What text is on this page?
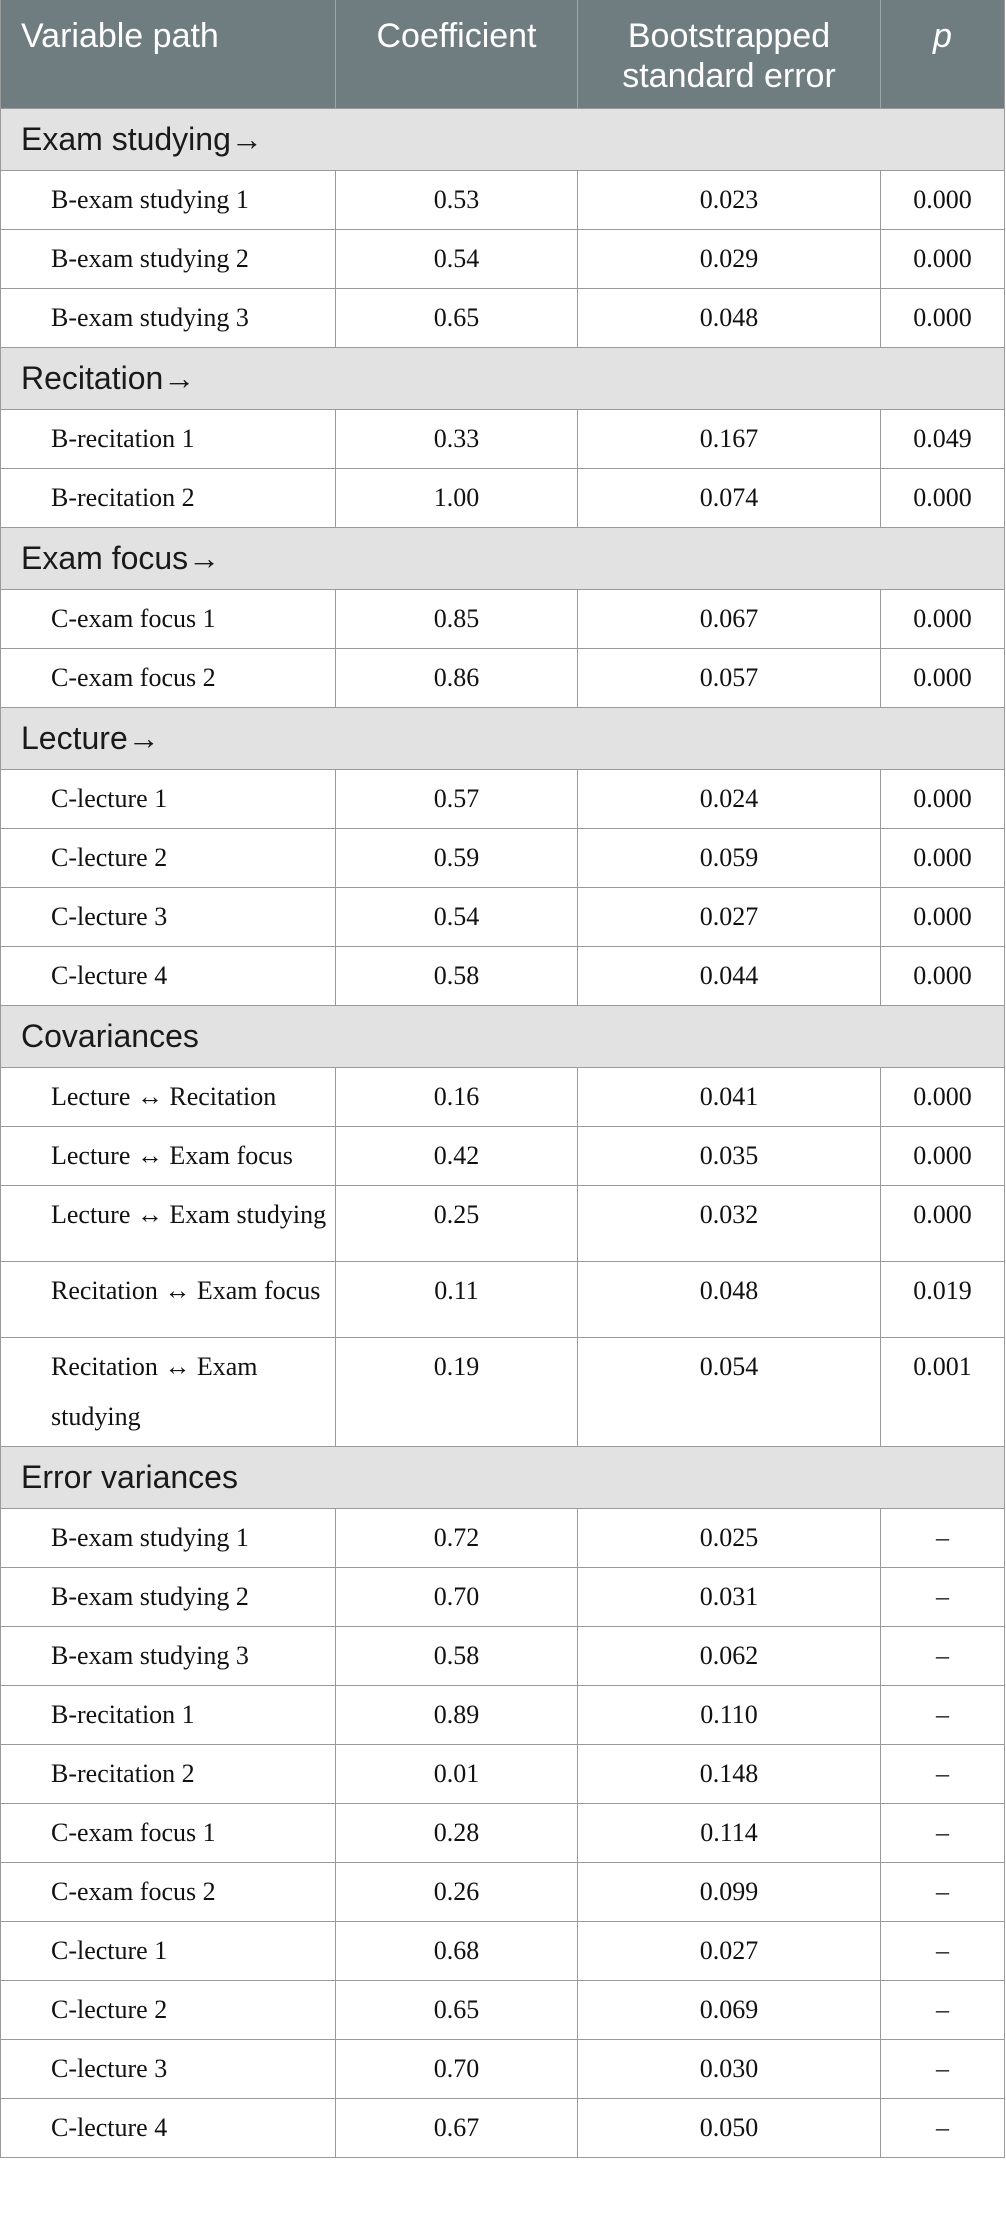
Variable path	Coefficient	Bootstrapped standard error	p
Exam studying→			
B-exam studying 1	0.53	0.023	0.000
B-exam studying 2	0.54	0.029	0.000
B-exam studying 3	0.65	0.048	0.000
Recitation→			
B-recitation 1	0.33	0.167	0.049
B-recitation 2	1.00	0.074	0.000
Exam focus→			
C-exam focus 1	0.85	0.067	0.000
C-exam focus 2	0.86	0.057	0.000
Lecture→			
C-lecture 1	0.57	0.024	0.000
C-lecture 2	0.59	0.059	0.000
C-lecture 3	0.54	0.027	0.000
C-lecture 4	0.58	0.044	0.000
Covariances			
Lecture ↔ Recitation	0.16	0.041	0.000
Lecture ↔ Exam focus	0.42	0.035	0.000
Lecture ↔ Exam studying	0.25	0.032	0.000
Recitation ↔ Exam focus	0.11	0.048	0.019
Recitation ↔ Exam studying	0.19	0.054	0.001
Error variances			
B-exam studying 1	0.72	0.025	–
B-exam studying 2	0.70	0.031	–
B-exam studying 3	0.58	0.062	–
B-recitation 1	0.89	0.110	–
B-recitation 2	0.01	0.148	–
C-exam focus 1	0.28	0.114	–
C-exam focus 2	0.26	0.099	–
C-lecture 1	0.68	0.027	–
C-lecture 2	0.65	0.069	–
C-lecture 3	0.70	0.030	–
C-lecture 4	0.67	0.050	–
